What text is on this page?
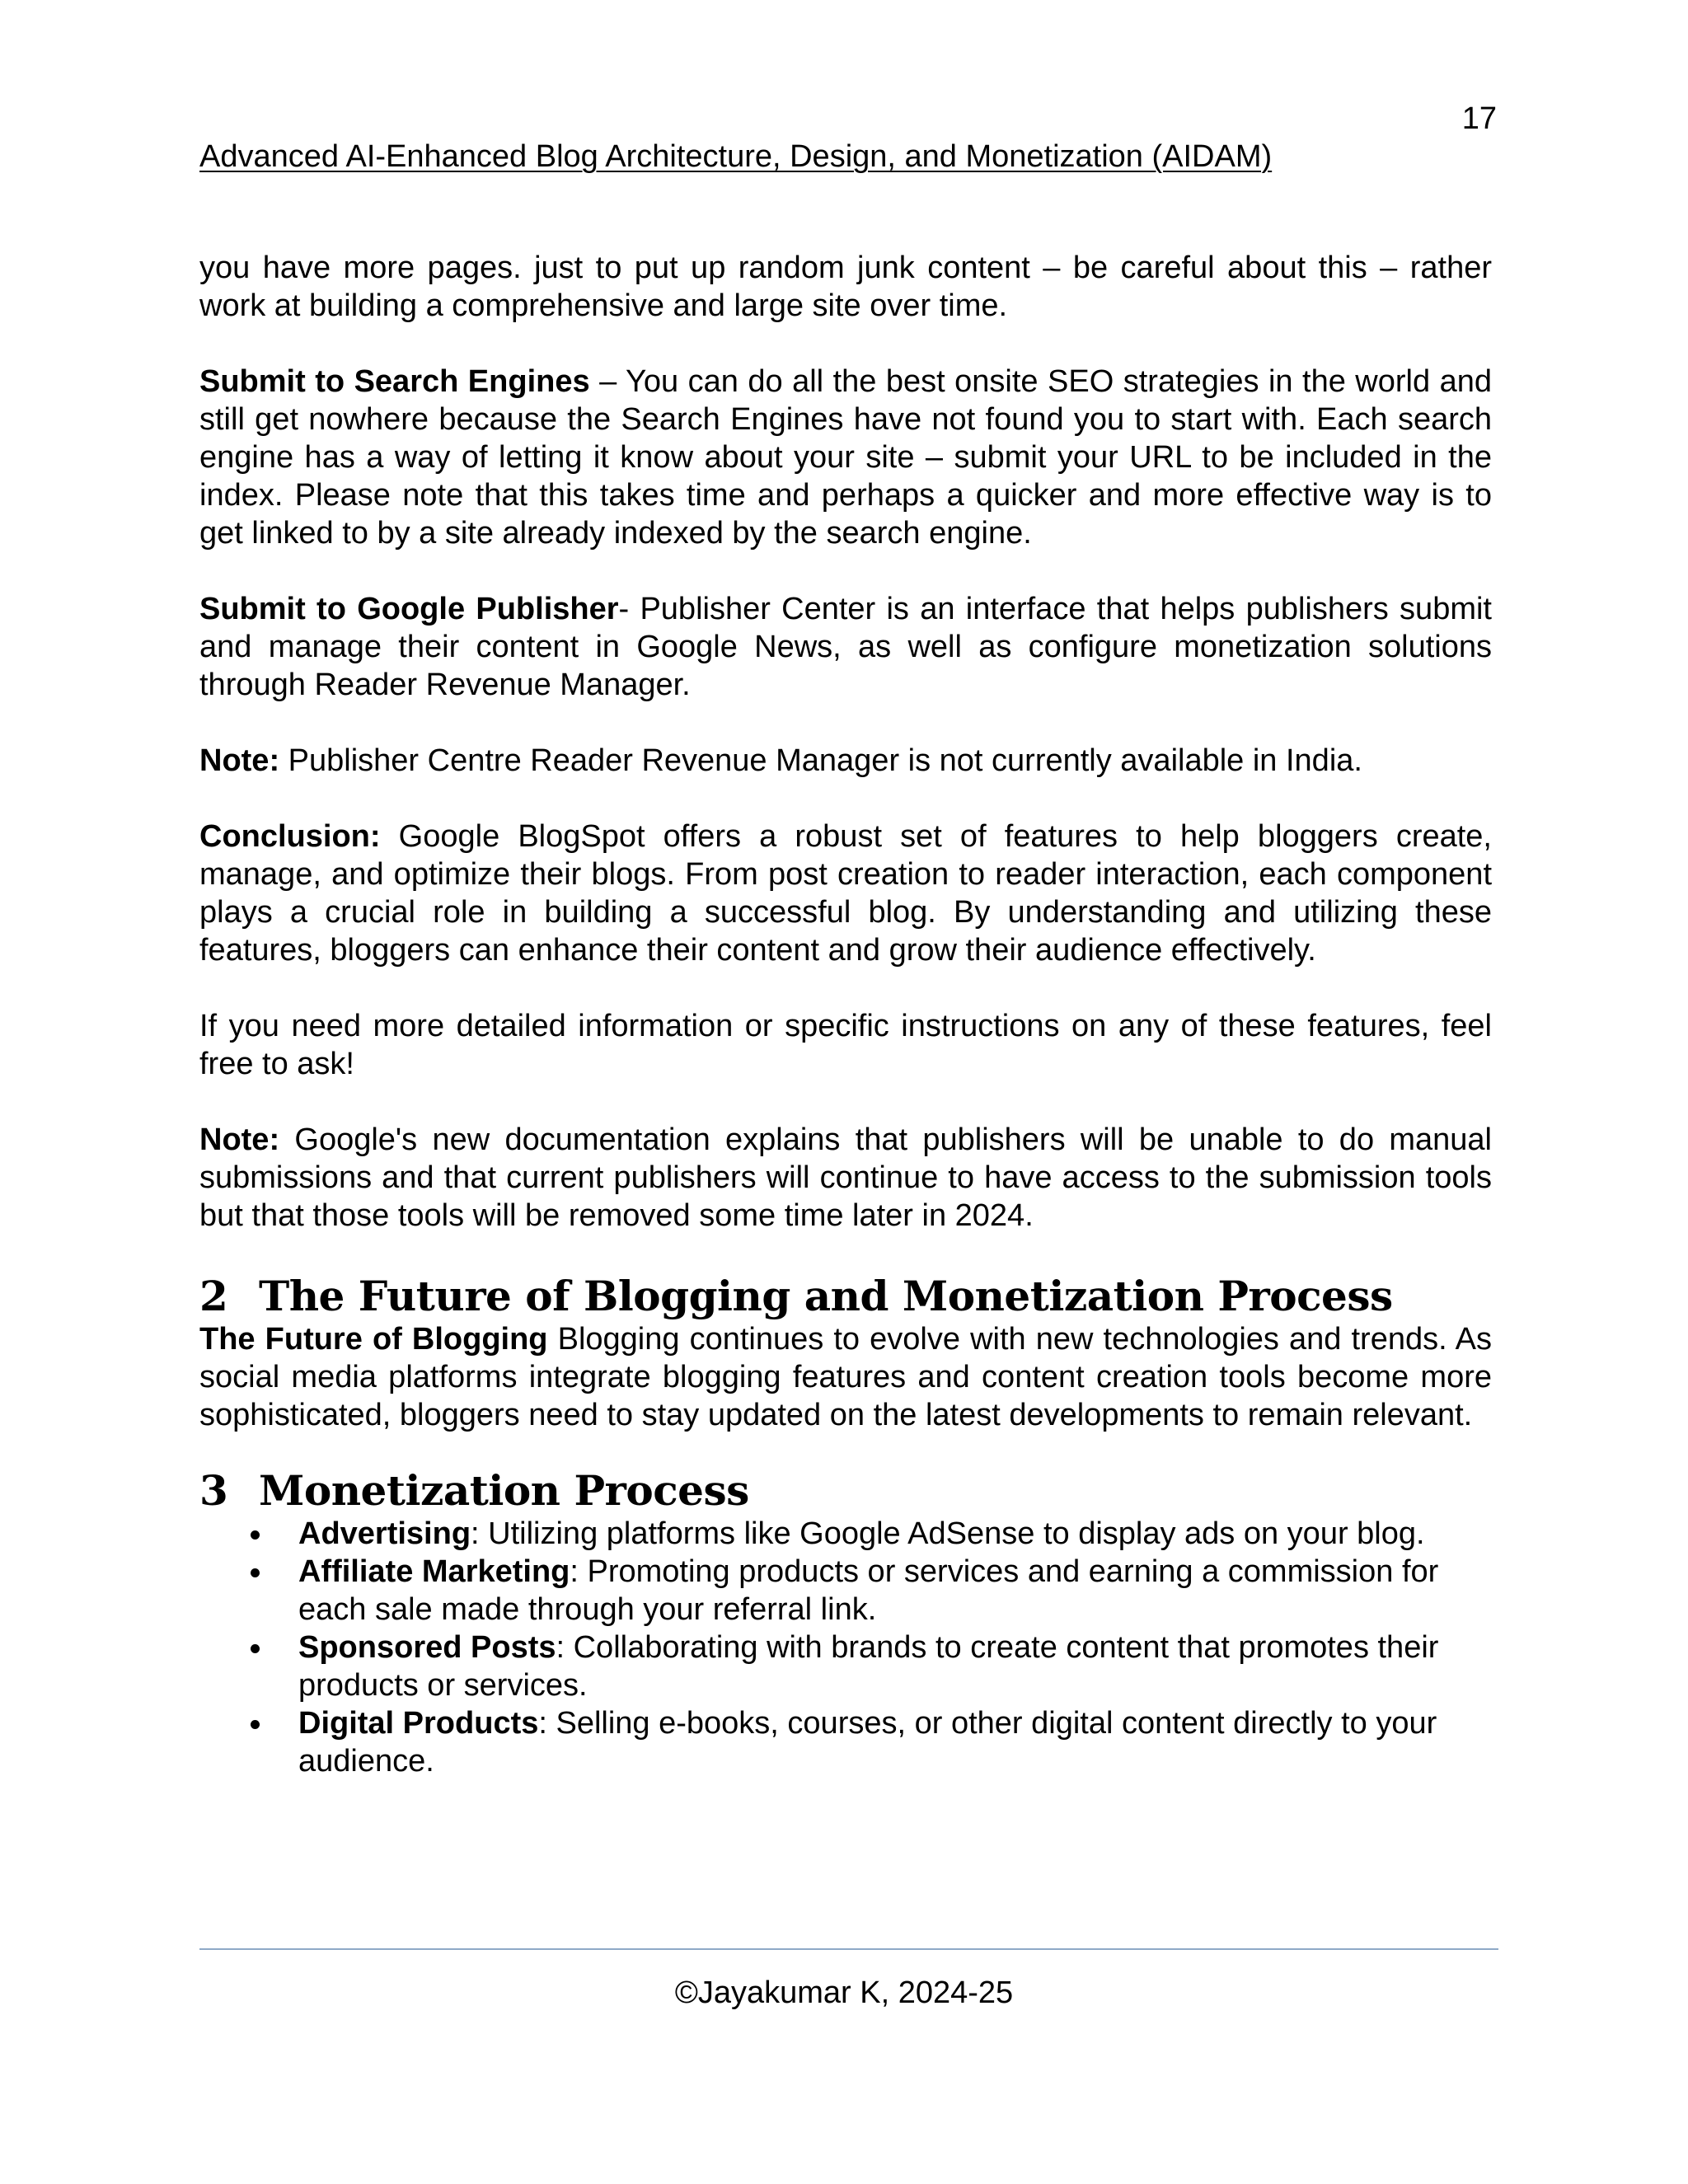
17
Advanced AI-Enhanced Blog Architecture, Design, and Monetization (AIDAM)

you have more pages. just to put up random junk content – be careful about this – rather work at building a comprehensive and large site over time.

Submit to Search Engines – You can do all the best onsite SEO strategies in the world and still get nowhere because the Search Engines have not found you to start with. Each search engine has a way of letting it know about your site – submit your URL to be included in the index. Please note that this takes time and perhaps a quicker and more effective way is to get linked to by a site already indexed by the search engine.

Submit to Google Publisher- Publisher Center is an interface that helps publishers submit and manage their content in Google News, as well as configure monetization solutions through Reader Revenue Manager.

Note: Publisher Centre Reader Revenue Manager is not currently available in India.

Conclusion: Google BlogSpot offers a robust set of features to help bloggers create, manage, and optimize their blogs. From post creation to reader interaction, each component plays a crucial role in building a successful blog. By understanding and utilizing these features, bloggers can enhance their content and grow their audience effectively.

If you need more detailed information or specific instructions on any of these features, feel free to ask!

Note: Google's new documentation explains that publishers will be unable to do manual submissions and that current publishers will continue to have access to the submission tools but that those tools will be removed some time later in 2024.

2 The Future of Blogging and Monetization Process

The Future of Blogging Blogging continues to evolve with new technologies and trends. As social media platforms integrate blogging features and content creation tools become more sophisticated, bloggers need to stay updated on the latest developments to remain relevant.

3 Monetization Process
Advertising: Utilizing platforms like Google AdSense to display ads on your blog.
Affiliate Marketing: Promoting products or services and earning a commission for each sale made through your referral link.
Sponsored Posts: Collaborating with brands to create content that promotes their products or services.
Digital Products: Selling e-books, courses, or other digital content directly to your audience.
©Jayakumar K, 2024-25
